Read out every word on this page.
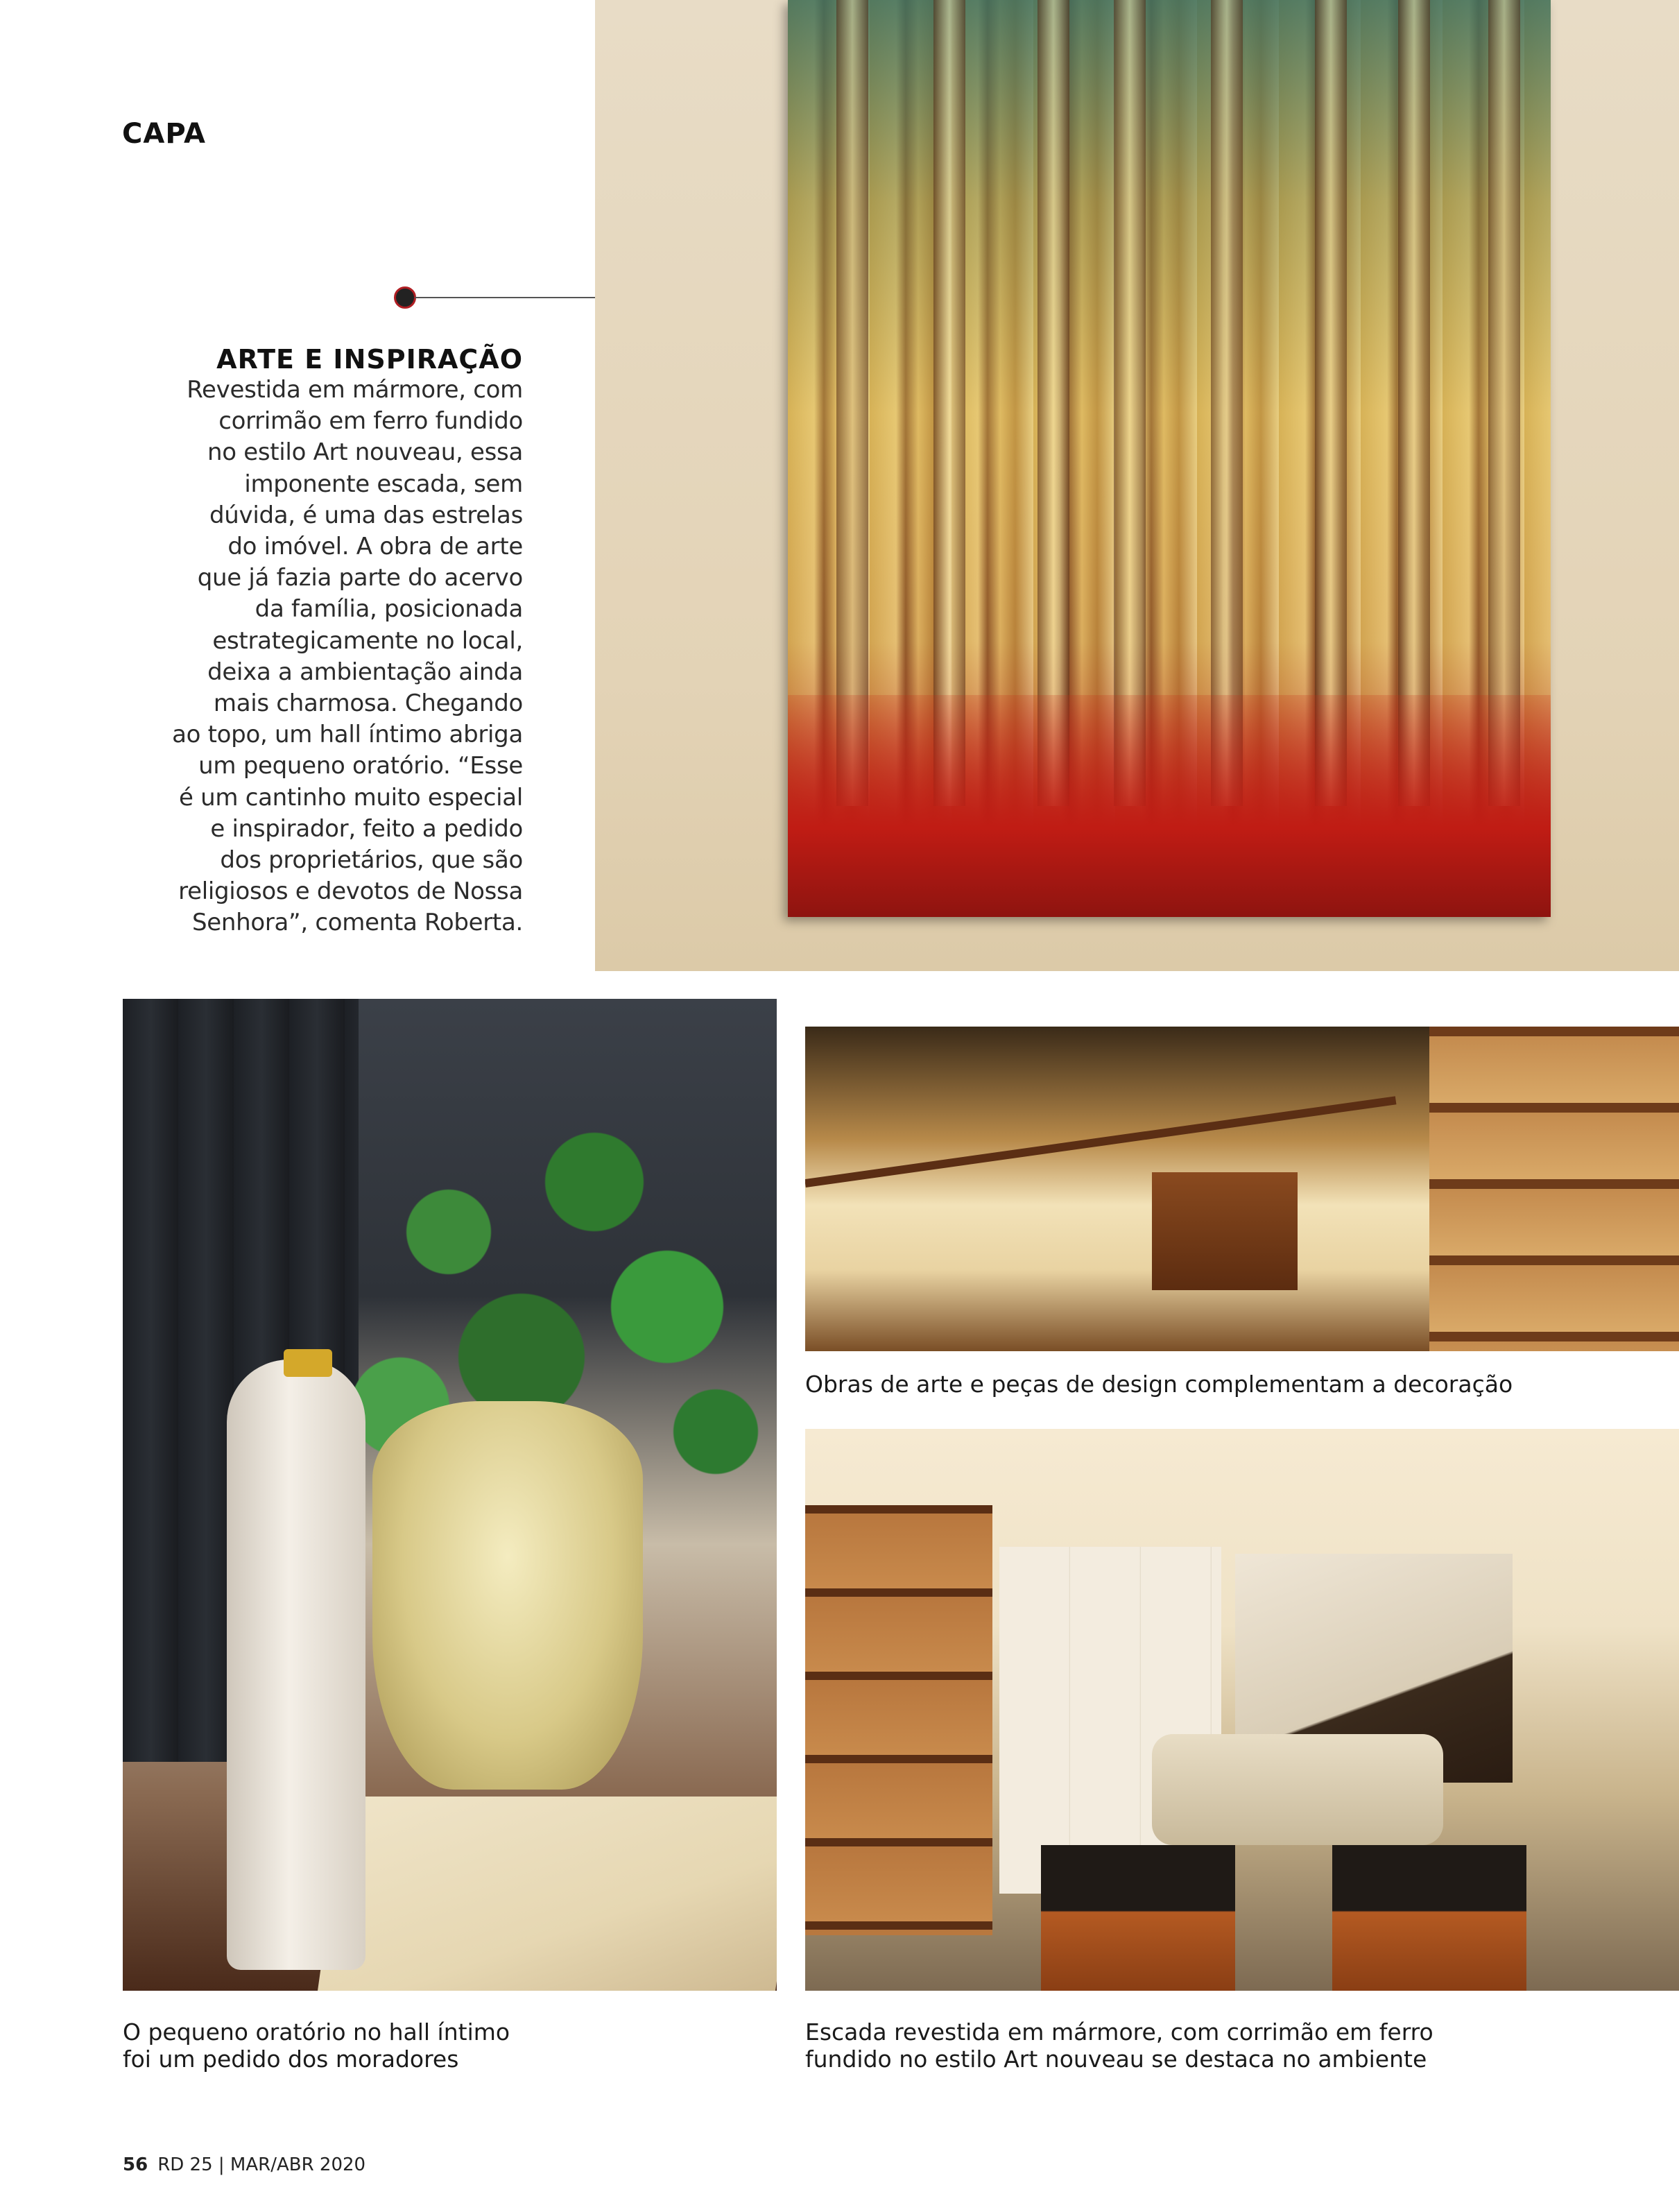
CAPA
ARTE E INSPIRAÇÃO

Revestida em mármore, com
corrimão em ferro fundido
no estilo Art nouveau, essa
imponente escada, sem
dúvida, é uma das estrelas
do imóvel. A obra de arte
que já fazia parte do acervo
da família, posicionada
estrategicamente no local,
deixa a ambientação ainda
mais charmosa. Chegando
ao topo, um hall íntimo abriga
um pequeno oratório. “Esse
é um cantinho muito especial
e inspirador, feito a pedido
dos proprietários, que são
religiosos e devotos de Nossa
Senhora”, comenta Roberta.

Obras de arte e peças de design complementam a decoração
O pequeno oratório no hall íntimo
foi um pedido dos moradores
Escada revestida em mármore, com corrimão em ferro
fundido no estilo Art nouveau se destaca no ambiente
56 RD 25 | MAR/ABR 2020
